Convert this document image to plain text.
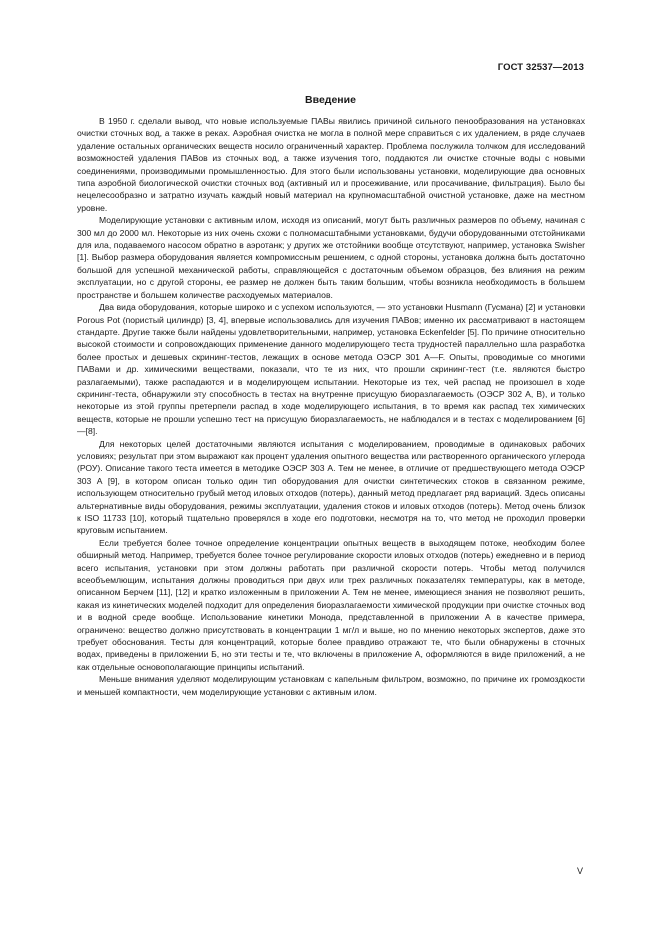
ГОСТ 32537—2013
Введение

В 1950 г. сделали вывод, что новые используемые ПАВы явились причиной сильного пенообразования на установках очистки сточных вод, а также в реках. Аэробная очистка не могла в полной мере справиться с их удалением, в ряде случаев удаление остальных органических веществ носило ограниченный характер. Проблема послужила толчком для исследований возможностей удаления ПАВов из сточных вод, а также изучения того, поддаются ли очистке сточные воды с новыми соединениями, производимыми промышленностью. Для этого были использованы установки, моделирующие два основных типа аэробной биологической очистки сточных вод (активный ил и просеживание, или просачивание, фильтрация). Было бы нецелесообразно и затратно изучать каждый новый материал на крупномасштабной очистной установке, даже на местном уровне.

Моделирующие установки с активным илом, исходя из описаний, могут быть различных размеров по объему, начиная с 300 мл до 2000 мл. Некоторые из них очень схожи с полномасштабными установками, будучи оборудованными отстойниками для ила, подаваемого насосом обратно в аэротанк; у других же отстойники вообще отсутствуют, например, установка Swisher [1]. Выбор размера оборудования является компромиссным решением, с одной стороны, установка должна быть достаточно большой для успешной механической работы, справляющейся с достаточным объемом образцов, без влияния на режим эксплуатации, но с другой стороны, ее размер не должен быть таким большим, чтобы возникла необходимость в большем пространстве и большем количестве расходуемых материалов.

Два вида оборудования, которые широко и с успехом используются, — это установки Husmann (Гусмана) [2] и установки Porous Pot (пористый цилиндр) [3, 4], впервые использовались для изучения ПАВов; именно их рассматривают в настоящем стандарте. Другие также были найдены удовлетворительными, например, установка Eckenfelder [5]. По причине относительно высокой стоимости и сопровождающих применение данного моделирующего теста трудностей параллельно шла разработка более простых и дешевых скрининг-тестов, лежащих в основе метода ОЭСР 301 А—F. Опыты, проводимые со многими ПАВами и др. химическими веществами, показали, что те из них, что прошли скрининг-тест (т.е. являются быстро разлагаемыми), также распадаются и в моделирующем испытании. Некоторые из тех, чей распад не произошел в ходе скрининг-теста, обнаружили эту способность в тестах на внутреннe присущую биоразлагаемость (ОЭСР 302 А, В), и только некоторые из этой группы претерпели распад в ходе моделирующего испытания, в то время как распад тех химических веществ, которые не прошли успешно тест на присущую биоразлагаемость, не наблюдался и в тестах с моделированием [6]—[8].

Для некоторых целей достаточными являются испытания с моделированием, проводимые в одинаковых рабочих условиях; результат при этом выражают как процент удаления опытного вещества или растворенного органического углерода (РОУ). Описание такого теста имеется в методике ОЭСР 303 А. Тем не менее, в отличие от предшествующего метода ОЭСР 303 А [9], в котором описан только один тип оборудования для очистки синтетических стоков в связанном режиме, использующем относительно грубый метод иловых отходов (потерь), данный метод предлагает ряд вариаций. Здесь описаны альтернативные виды оборудования, режимы эксплуатации, удаления стоков и иловых отходов (потерь). Метод очень близок к ISO 11733 [10], который тщательно проверялся в ходе его подготовки, несмотря на то, что метод не проходил проверки круговым испытанием.

Если требуется более точное определение концентрации опытных веществ в выходящем потоке, необходим более обширный метод. Например, требуется более точное регулирование скорости иловых отходов (потерь) ежедневно и в период всего испытания, установки при этом должны работать при различной скорости потерь. Чтобы метод получился всеобъемлющим, испытания должны проводиться при двух или трех различных показателях температуры, как в методе, описанном Берчем [11], [12] и кратко изложенным в приложении А. Тем не менее, имеющиеся знания не позволяют решить, какая из кинетических моделей подходит для определения биоразлагаемости химической продукции при очистке сточных вод и в водной среде вообще. Использование кинетики Монода, представленной в приложении А в качестве примера, ограничено: вещество должно присутствовать в концентрации 1 мг/л и выше, но по мнению некоторых экспертов, даже это требует обоснования. Тесты для концентраций, которые более правдиво отражают те, что были обнаружены в сточных водах, приведены в приложении Б, но эти тесты и те, что включены в приложение А, оформляются в виде приложений, а не как отдельные основополагающие принципы испытаний.

Меньше внимания уделяют моделирующим установкам с капельным фильтром, возможно, по причине их громоздкости и меньшей компактности, чем моделирующие установки с активным илом.

V
